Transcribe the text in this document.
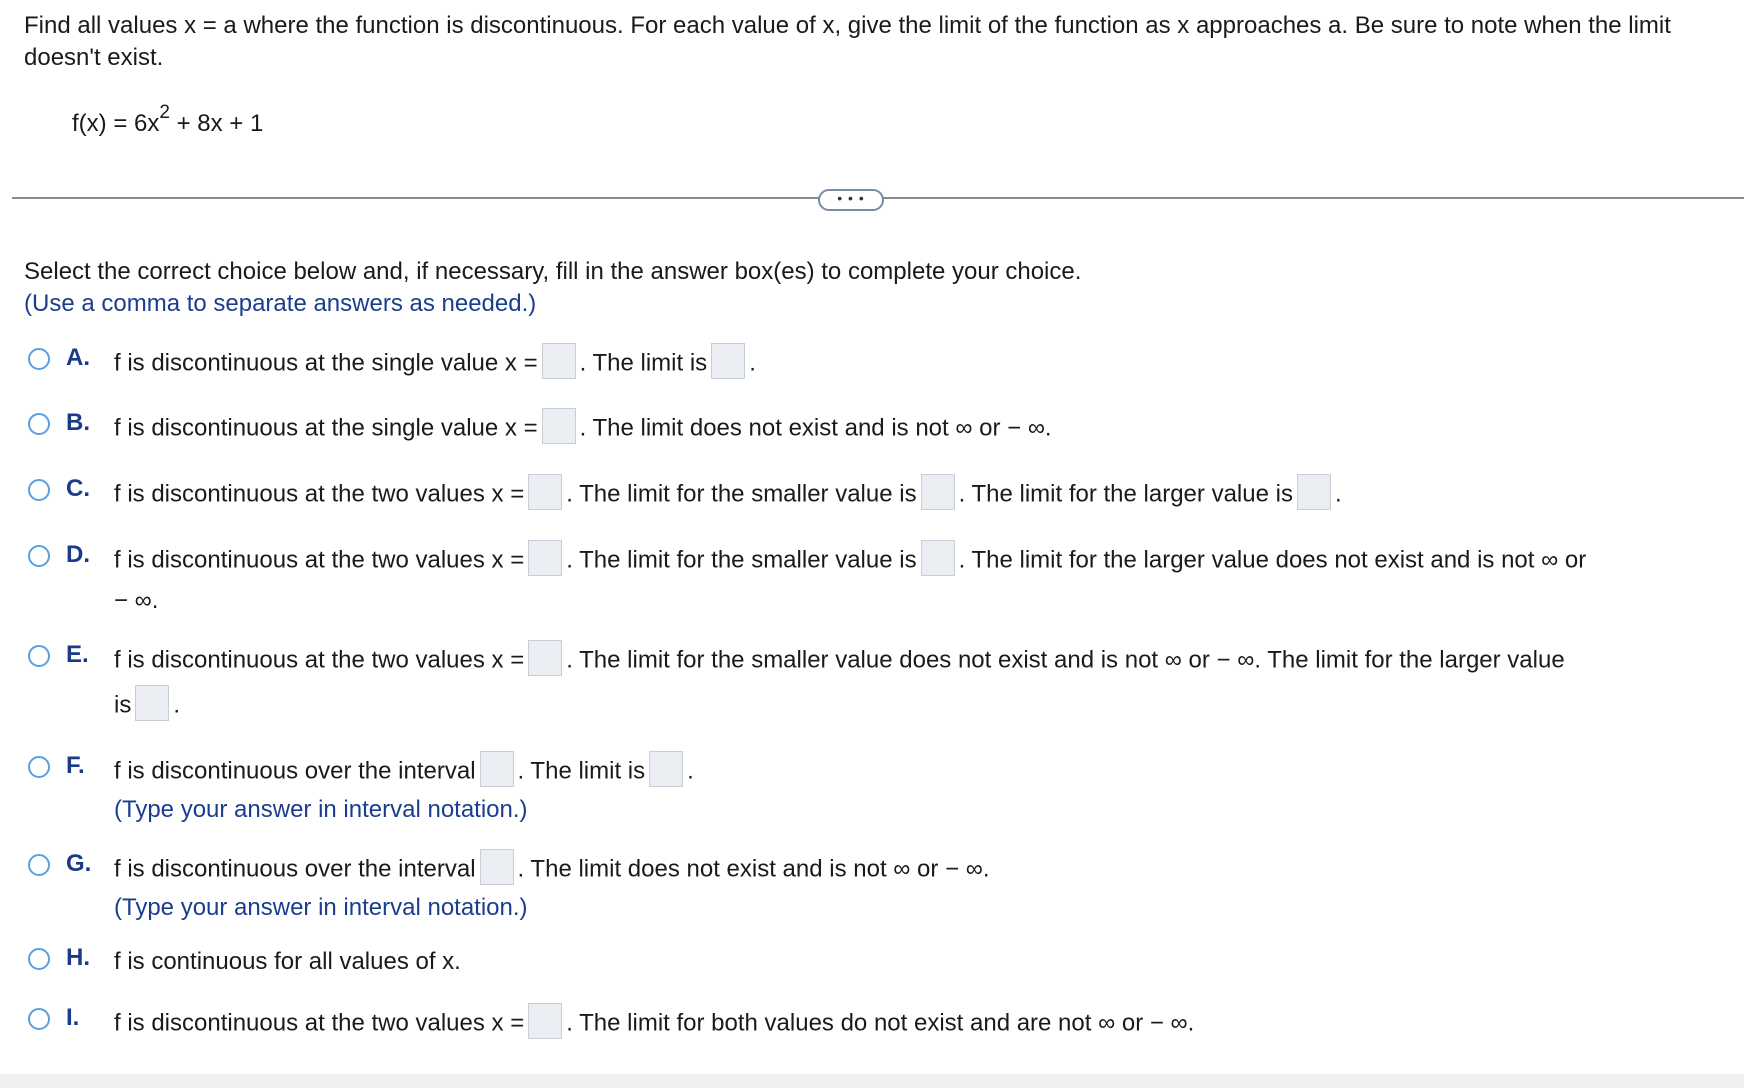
Find all values x = a where the function is discontinuous. For each value of x, give the limit of the function as x approaches a. Be sure to note when the limit doesn't exist.
$f(x) = 6x^2 + 8x + 1$
• • •
Select the correct choice below and, if necessary, fill in the answer box(es) to complete your choice.
(Use a comma to separate answers as needed.)
A. f is discontinuous at the single value x = . The limit is .
B. f is discontinuous at the single value x = . The limit does not exist and is not ∞ or − ∞.
C. f is discontinuous at the two values x = . The limit for the smaller value is . The limit for the larger value is .
D. f is discontinuous at the two values x = . The limit for the smaller value is . The limit for the larger value does not exist and is not ∞ or
− ∞.
E. f is discontinuous at the two values x = . The limit for the smaller value does not exist and is not ∞ or − ∞. The limit for the larger value
is .
F. f is discontinuous over the interval . The limit is .
(Type your answer in interval notation.)
G. f is discontinuous over the interval . The limit does not exist and is not ∞ or − ∞.
(Type your answer in interval notation.)
H. f is continuous for all values of x.
I. f is discontinuous at the two values x = . The limit for both values do not exist and are not ∞ or − ∞.
